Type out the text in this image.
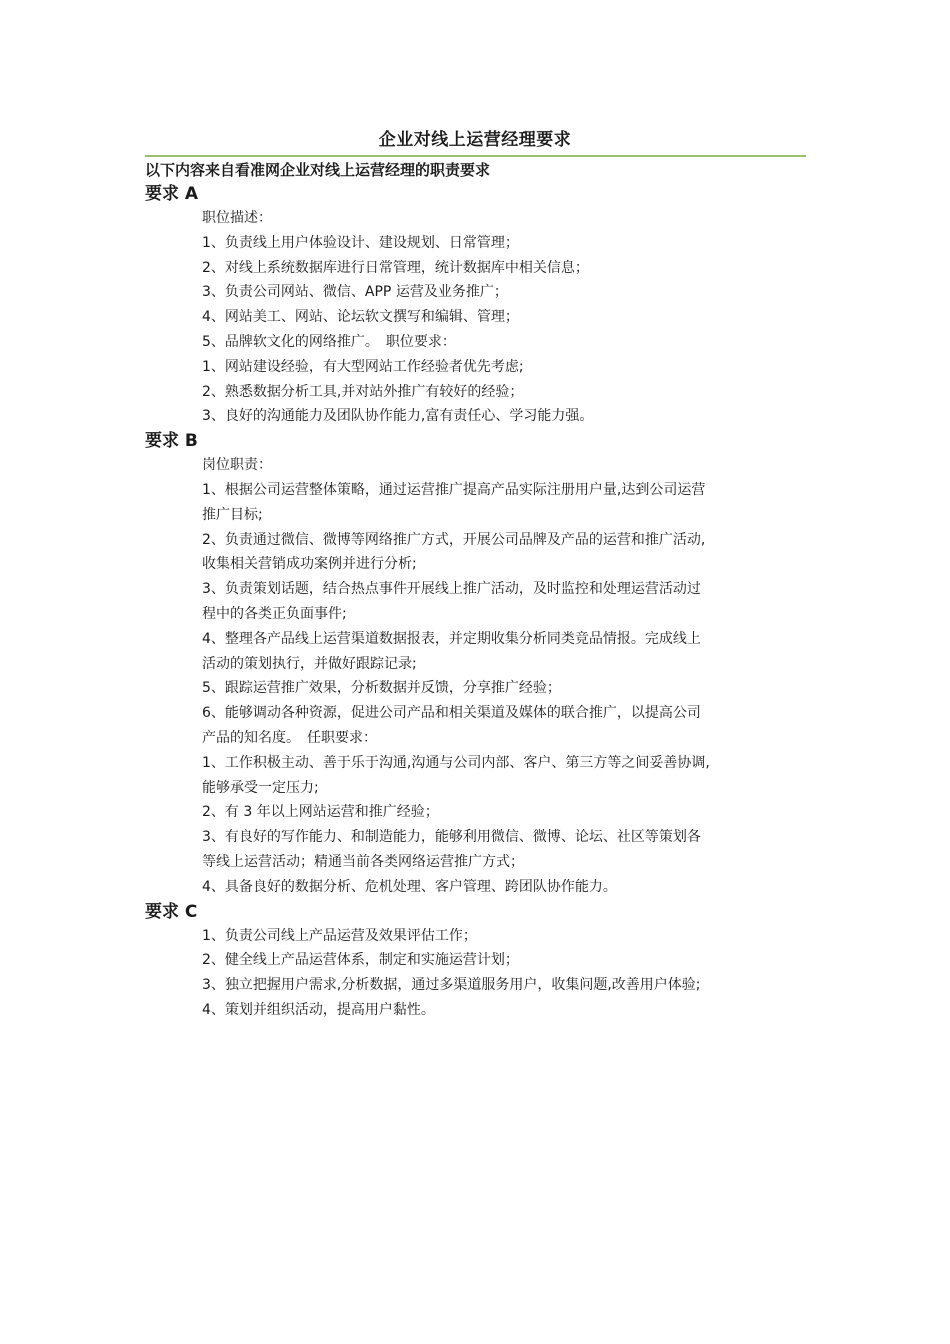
企业对线上运营经理要求
以下内容来自看准网企业对线上运营经理的职责要求
要求 A
职位描述：
1、负责线上用户体验设计、建设规划、日常管理；
2、对线上系统数据库进行日常管理，统计数据库中相关信息；
3、负责公司网站、微信、APP 运营及业务推广；
4、网站美工、网站、论坛软文撰写和编辑、管理；
5、品牌软文化的网络推广。　职位要求：
1、网站建设经验，有大型网站工作经验者优先考虑;
2、熟悉数据分析工具,并对站外推广有较好的经验；
3、良好的沟通能力及团队协作能力,富有责任心、学习能力强。
要求 B
岗位职责：
1、根据公司运营整体策略，通过运营推广提高产品实际注册用户量,达到公司运营
推广目标;
2、负责通过微信、微博等网络推广方式，开展公司品牌及产品的运营和推广活动,
收集相关营销成功案例并进行分析;
3、负责策划话题，结合热点事件开展线上推广活动，及时监控和处理运营活动过
程中的各类正负面事件;
4、整理各产品线上运营渠道数据报表，并定期收集分析同类竞品情报。完成线上
活动的策划执行，并做好跟踪记录;
5、跟踪运营推广效果，分析数据并反馈，分享推广经验；
6、能够调动各种资源，促进公司产品和相关渠道及媒体的联合推广，以提高公司
产品的知名度。　任职要求：
1、工作积极主动、善于乐于沟通,沟通与公司内部、客户、第三方等之间妥善协调,
能够承受一定压力;
2、有 3 年以上网站运营和推广经验；
3、有良好的写作能力、和制造能力，能够利用微信、微博、论坛、社区等策划各
等线上运营活动；精通当前各类网络运营推广方式；
4、具备良好的数据分析、危机处理、客户管理、跨团队协作能力。
要求 C
1、负责公司线上产品运营及效果评估工作；
2、健全线上产品运营体系，制定和实施运营计划；
3、独立把握用户需求,分析数据，通过多渠道服务用户，收集问题,改善用户体验;
4、策划并组织活动，提高用户黏性。
